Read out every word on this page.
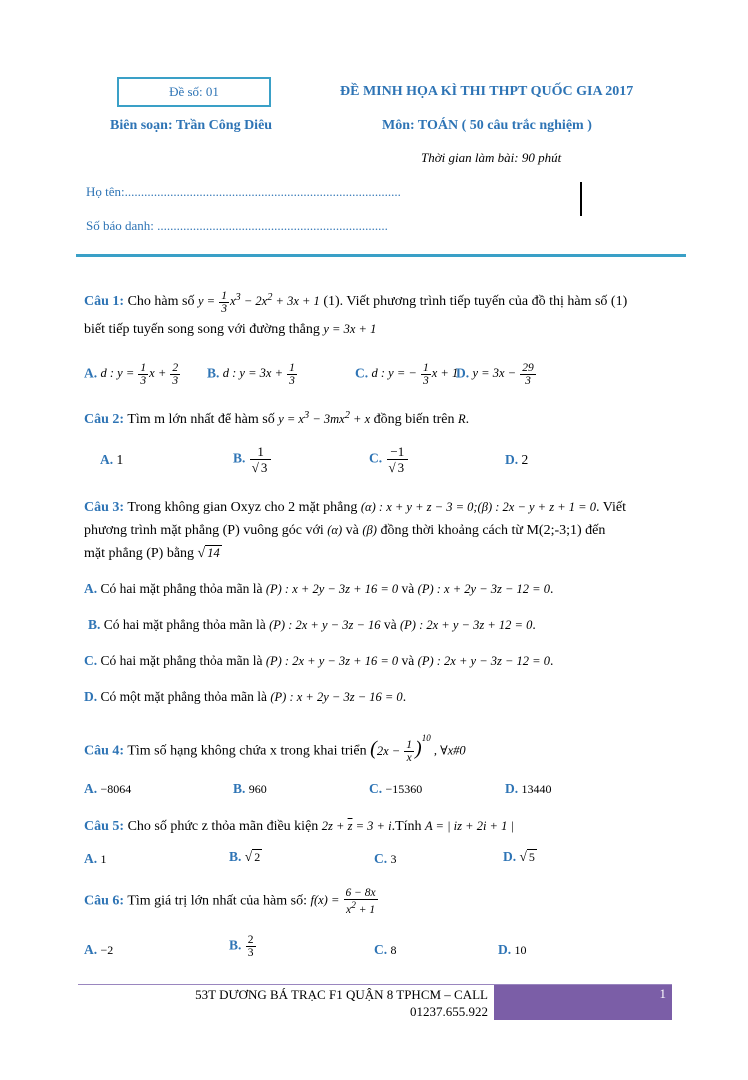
Đề số: 01	ĐỀ MINH HỌA KÌ THI THPT QUỐC GIA 2017
Biên soạn: Trần Công Diêu	Môn: TOÁN ( 50 câu trắc nghiệm )
Thời gian làm bài: 90 phút
Họ tên:.....................................................................................
Số báo danh: .......................................................................
Câu 1: Cho hàm số $y = \frac{1}{3} x^3 - 2x^2 + 3x + 1$ (1). Viết phương trình tiếp tuyến của đồ thị hàm số (1)
biết tiếp tuyến song song với đường thẳng y = 3x + 1
A. d : $y = \frac{1}{3}$ $x + \frac{2}{3} B$. d : $y = 3x + \frac{1}{3}$	C. d : y = − $\frac{1}{3}$ x + 1
D. $y = 3x - \frac{29}{3}$
Câu 2: Tìm m lớn nhất để hàm số $y = x^3 - 3mx^2 + x$ đồng biến trên R.
A. 1	B. $\frac{1}{√ 3}$	C. $\frac{-1}{√ 3}$	D. 2
Câu 3: Trong không gian Oxyz cho 2 mặt phẳng (α) : x + y + z − 3 = 0;(β) : 2x − y + z + 1 = 0. Viết
phương trình mặt phẳng (P) vuông góc với (α) và (β) đồng thời khoảng cách từ M(2;-3;1) đến
mặt phẳng (P) bằng √ 14
A. Có hai mặt phẳng thỏa mãn là (P) : x + 2y − 3z + 16 = 0 và (P) : x + 2y − 3z − 12 = 0.
B. Có hai mặt phẳng thỏa mãn là (P) : 2x + y − 3z − 16 và (P) : 2x + y − 3z + 12 = 0.
C. Có hai mặt phẳng thỏa mãn là (P) : 2x + y − 3z + 16 = 0 và (P) : 2x + y − 3z − 12 = 0.
D. Có một mặt phẳng thỏa mãn là (P) : x + 2y − 3z − 16 = 0.
Câu 4: Tìm số hạng không chứa x trong khai triển $(2x - \frac{1}{x} )^{10}$ , ∀x#0
A. −8064	B. 960	C. −15360	D. 13440
Câu 5: Cho số phức z thỏa mãn điều kiện $2z + \overline{z} = 3$ + i.Tính A = | iz + 2i + 1 |
A. 1	B. √ 2	C. 3	D. √ 5
Câu 6: Tìm giá trị lớn nhất của hàm số: $f(x) = \frac{6 - 8x}{x^2 + 1}$
A. −2	B. $\frac{2}{3}$	C. 8	D. 10
53T DƯƠNG BÁ TRẠC F1 QUẬN 8 TPHCM – CALL
01237.655.922
1
